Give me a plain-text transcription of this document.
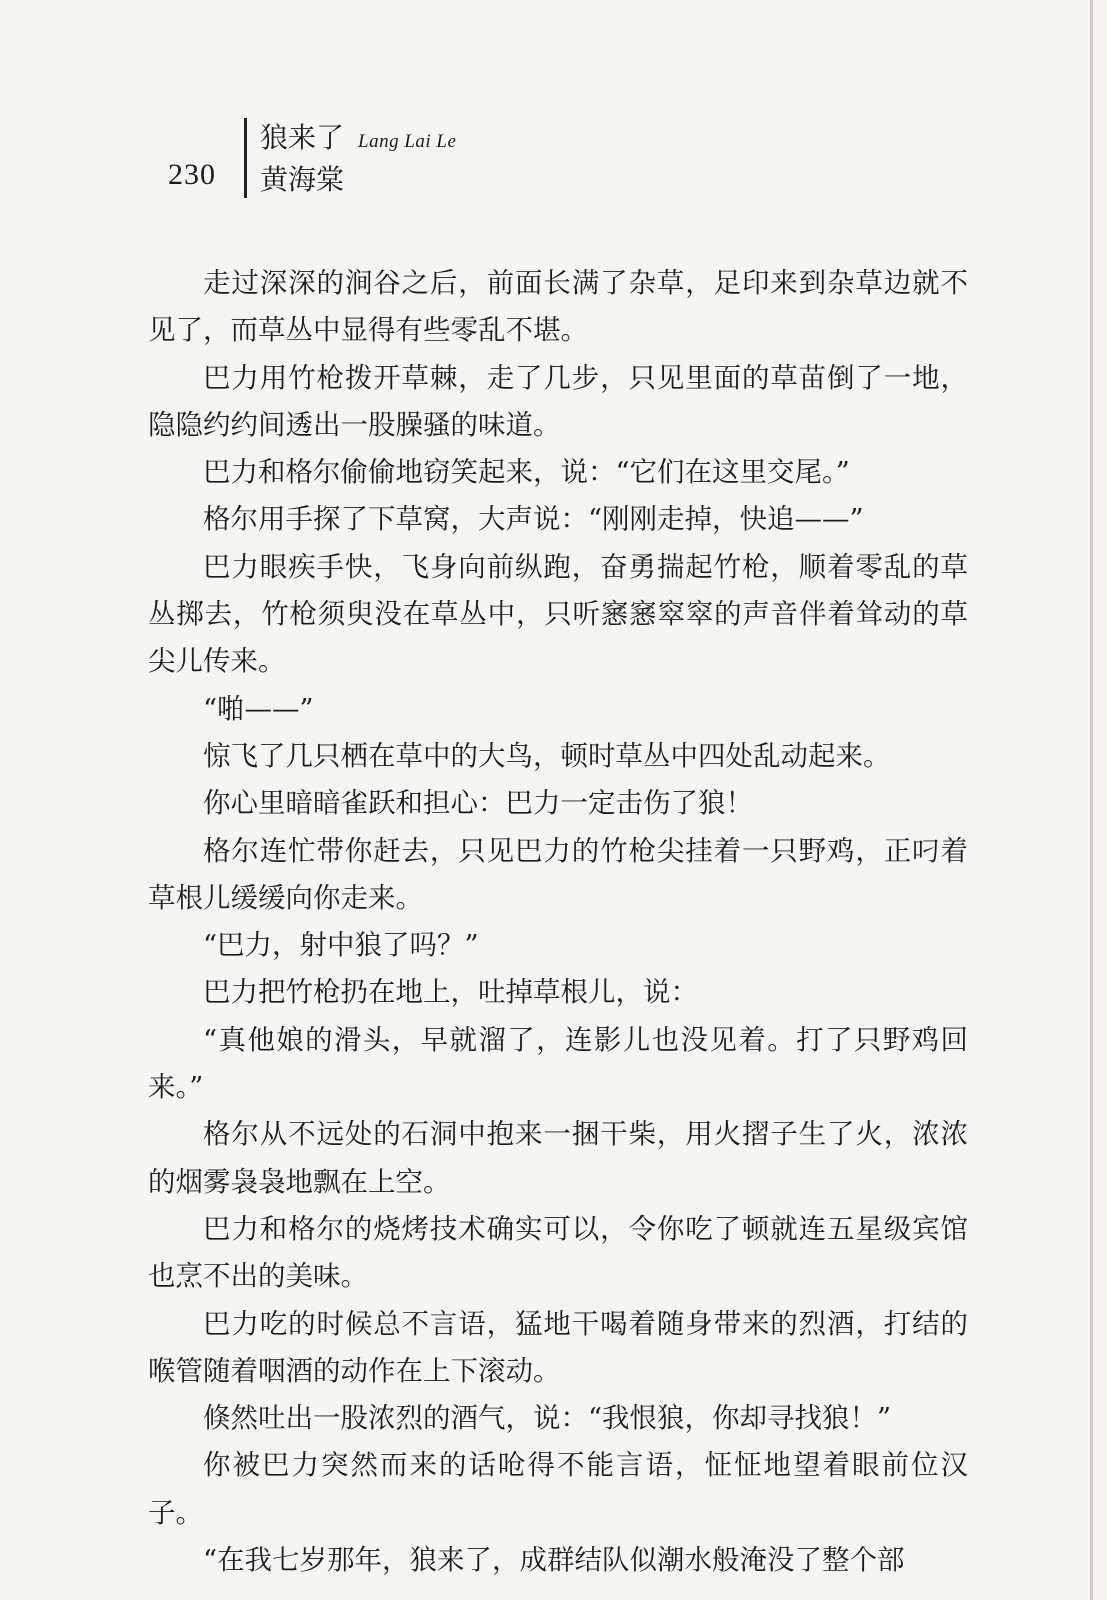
230
狼来了 Lang Lai Le
黄海棠

走过深深的涧谷之后，前面长满了杂草，足印来到杂草边就不见了，而草丛中显得有些零乱不堪。

巴力用竹枪拨开草棘，走了几步，只见里面的草苗倒了一地，隐隐约约间透出一股臊骚的味道。

巴力和格尔偷偷地窃笑起来，说：“它们在这里交尾。”

格尔用手探了下草窝，大声说：“刚刚走掉，快追——”

巴力眼疾手快，飞身向前纵跑，奋勇揣起竹枪，顺着零乱的草丛掷去，竹枪须臾没在草丛中，只听窸窸窣窣的声音伴着耸动的草尖儿传来。

“啪——”

惊飞了几只栖在草中的大鸟，顿时草丛中四处乱动起来。

你心里暗暗雀跃和担心：巴力一定击伤了狼！

格尔连忙带你赶去，只见巴力的竹枪尖挂着一只野鸡，正叼着草根儿缓缓向你走来。

“巴力，射中狼了吗？”

巴力把竹枪扔在地上，吐掉草根儿，说：

“真他娘的滑头，早就溜了，连影儿也没见着。打了只野鸡回来。”

格尔从不远处的石洞中抱来一捆干柴，用火摺子生了火，浓浓的烟雾袅袅地飘在上空。

巴力和格尔的烧烤技术确实可以，令你吃了顿就连五星级宾馆也烹不出的美味。

巴力吃的时候总不言语，猛地干喝着随身带来的烈酒，打结的喉管随着咽酒的动作在上下滚动。

倏然吐出一股浓烈的酒气，说：“我恨狼，你却寻找狼！”

你被巴力突然而来的话呛得不能言语，怔怔地望着眼前位汉子。

“在我七岁那年，狼来了，成群结队似潮水般淹没了整个部
